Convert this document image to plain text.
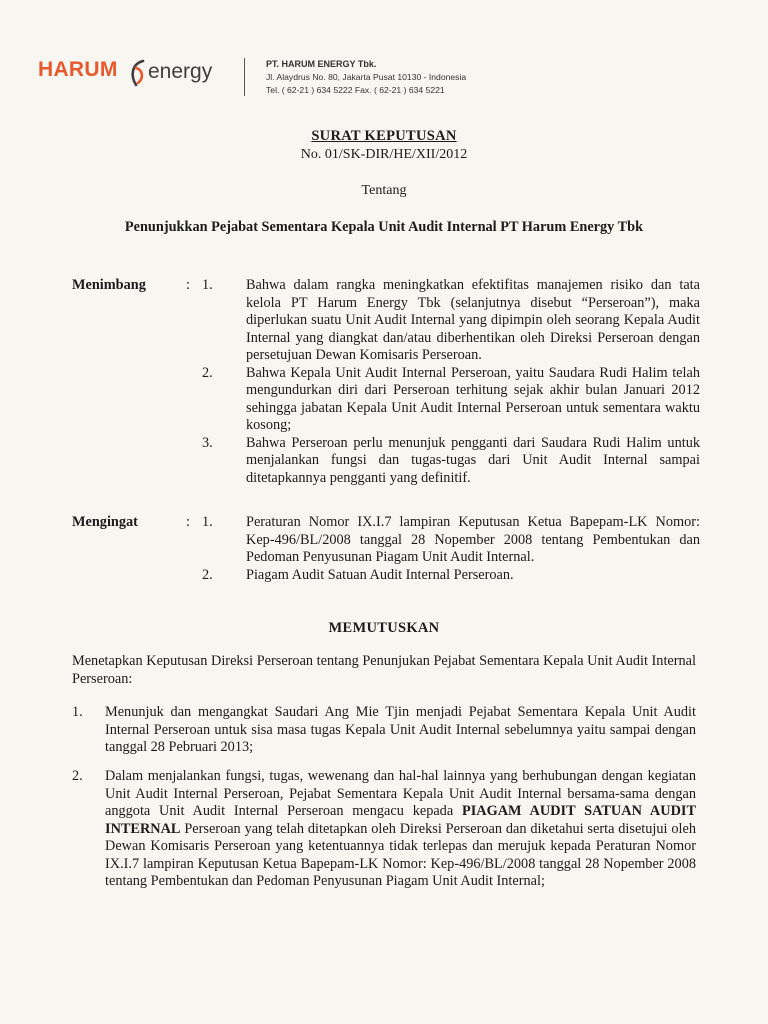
HARUM energy	PT. HARUM ENERGY Tbk.
Jl. Alaydrus No. 80, Jakarta Pusat 10130 - Indonesia
Tel. ( 62-21 ) 634 5222 Fax. ( 62-21 ) 634 5221
SURAT KEPUTUSAN
No. 01/SK-DIR/HE/XII/2012
Tentang
Penunjukkan Pejabat Sementara Kepala Unit Audit Internal PT Harum Energy Tbk
Menimbang	: 1.	Bahwa dalam rangka meningkatkan efektifitas manajemen risiko dan tata kelola PT Harum Energy Tbk (selanjutnya disebut “Perseroan”), maka diperlukan suatu Unit Audit Internal yang dipimpin oleh seorang Kepala Audit Internal yang diangkat dan/atau diberhentikan oleh Direksi Perseroan dengan persetujuan Dewan Komisaris Perseroan.
2.	Bahwa Kepala Unit Audit Internal Perseroan, yaitu Saudara Rudi Halim telah mengundurkan diri dari Perseroan terhitung sejak akhir bulan Januari 2012 sehingga jabatan Kepala Unit Audit Internal Perseroan untuk sementara waktu kosong;
3.	Bahwa Perseroan perlu menunjuk pengganti dari Saudara Rudi Halim untuk menjalankan fungsi dan tugas-tugas dari Unit Audit Internal sampai ditetapkannya pengganti yang definitif.
Mengingat	: 1.	Peraturan Nomor IX.I.7 lampiran Keputusan Ketua Bapepam-LK Nomor: Kep-496/BL/2008 tanggal 28 Nopember 2008 tentang Pembentukan dan Pedoman Penyusunan Piagam Unit Audit Internal.
2.	Piagam Audit Satuan Audit Internal Perseroan.
MEMUTUSKAN
Menetapkan Keputusan Direksi Perseroan tentang Penunjukan Pejabat Sementara Kepala Unit Audit Internal Perseroan:
1.	Menunjuk dan mengangkat Saudari Ang Mie Tjin menjadi Pejabat Sementara Kepala Unit Audit Internal Perseroan untuk sisa masa tugas Kepala Unit Audit Internal sebelumnya yaitu sampai dengan tanggal 28 Pebruari 2013;
2.	Dalam menjalankan fungsi, tugas, wewenang dan hal-hal lainnya yang berhubungan dengan kegiatan Unit Audit Internal Perseroan, Pejabat Sementara Kepala Unit Audit Internal bersama-sama dengan anggota Unit Audit Internal Perseroan mengacu kepada PIAGAM AUDIT SATUAN AUDIT INTERNAL Perseroan yang telah ditetapkan oleh Direksi Perseroan dan diketahui serta disetujui oleh Dewan Komisaris Perseroan yang ketentuannya tidak terlepas dan merujuk kepada Peraturan Nomor IX.I.7 lampiran Keputusan Ketua Bapepam-LK Nomor: Kep-496/BL/2008 tanggal 28 Nopember 2008 tentang Pembentukan dan Pedoman Penyusunan Piagam Unit Audit Internal;
